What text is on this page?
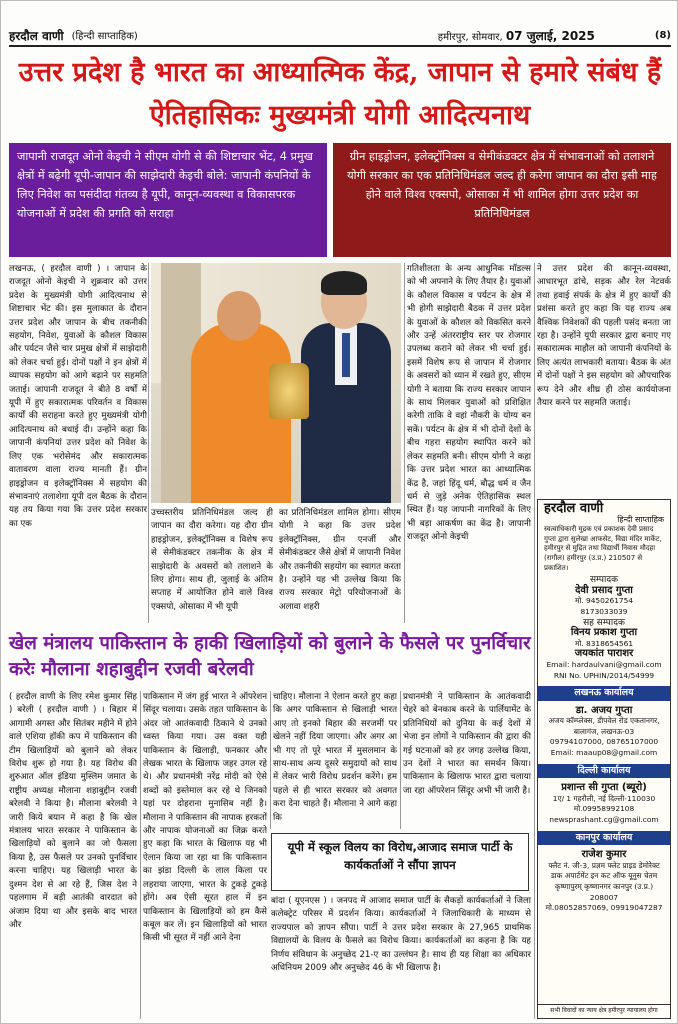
हरदौल वाणी (हिन्दी साप्ताहिक)	हमीरपुर, सोमवार, 07 जुलाई, 2025	(8)
उत्तर प्रदेश है भारत का आध्यात्मिक केंद्र, जापान से हमारे संबंध हैं ऐतिहासिकः मुख्यमंत्री योगी आदित्यनाथ
जापानी राजदूत ओनो केइची ने सीएम योगी से की शिष्टाचार भेंट, 4 प्रमुख क्षेत्रों में बढ़ेगी यूपी-जापान की साझेदारी केइची बोले: जापानी कंपनियों के लिए निवेश का पसंदीदा गंतव्य है यूपी, कानून-व्यवस्था व विकासपरक योजनाओं में प्रदेश की प्रगति को सराहा
ग्रीन हाइड्रोजन, इलेक्ट्रॉनिक्स व सेमीकंडक्टर क्षेत्र में संभावनाओं को तलाशने योगी सरकार का एक प्रतिनिधिमंडल जल्द ही करेगा जापान का दौरा इसी माह होने वाले विश्व एक्सपो, ओसाका में भी शामिल होगा उत्तर प्रदेश का प्रतिनिधिमंडल
लखनऊ, ( हरदौल वाणी ) । जापान के राजदूत ओनो केइची ने शुक्रवार को उत्तर प्रदेश के मुख्यमंत्री योगी आदित्यनाथ से शिष्टाचार भेंट की। इस मुलाकात के दौरान उत्तर प्रदेश और जापान के बीच तकनीकी सहयोग, निवेश, युवाओं के कौशल विकास और पर्यटन जैसे चार प्रमुख क्षेत्रों में साझेदारी को लेकर चर्चा हुई। दोनों पक्षों ने इन क्षेत्रों में व्यापक सहयोग को आगे बढ़ाने पर सहमति जताई। जापानी राजदूत ने बीते 8 वर्षों में यूपी में हुए सकारात्मक परिवर्तन व विकास कार्यों की सराहना करते हुए मुख्यमंत्री योगी आदित्यनाथ को बधाई दी। उन्होंने कहा कि जापानी कंपनियां उत्तर प्रदेश को निवेश के लिए एक भरोसेमंद और सकारात्मक वातावरण वाला राज्य मानती हैं। ग्रीन हाइड्रोजन व इलेक्ट्रॉनिक्स में सहयोग की संभावनाएं तलाशेगा यूपी दल बैठक के दौरान यह तय किया गया कि उत्तर प्रदेश सरकार का एक
उच्चस्तरीय प्रतिनिधिमंडल जल्द ही जापान का दौरा करेगा। यह दौरा ग्रीन हाइड्रोजन, इलेक्ट्रॉनिक्स व विशेष रूप से सेमीकंडक्टर तकनीक के क्षेत्र में साझेदारी के अवसरों को तलाशने के लिए होगा। साथ ही, जुलाई के अंतिम सप्ताह में आयोजित होने वाले विश्व एक्सपो, ओसाका में भी यूपी
का प्रतिनिधिमंडल शामिल होगा। सीएम योगी ने कहा कि उत्तर प्रदेश इलेक्ट्रॉनिक्स, ग्रीन एनर्जी और सेमीकंडक्टर जैसे क्षेत्रों में जापानी निवेश और तकनीकी सहयोग का स्वागत करता है। उन्होंने यह भी उल्लेख किया कि राज्य सरकार मेट्रो परियोजनाओं के अलावा शहरी
गतिशीलता के अन्य आधुनिक मॉडल्स को भी अपनाने के लिए तैयार है। युवाओं के कौशल विकास व पर्यटन के क्षेत्र में भी होगी साझेदारी बैठक में उत्तर प्रदेश के युवाओं के कौशल को विकसित करने और उन्हें अंतरराष्ट्रीय स्तर पर रोजगार उपलब्ध कराने को लेकर भी चर्चा हुई। इसमें विशेष रूप से जापान में रोजगार के अवसरों को ध्यान में रखते हुए, सीएम योगी ने बताया कि राज्य सरकार जापान के साथ मिलकर युवाओं को प्रशिक्षित करेगी ताकि वे वहां नौकरी के योग्य बन सकें। पर्यटन के क्षेत्र में भी दोनों देशों के बीच गहरा सहयोग स्थापित करने को लेकर सहमति बनी। सीएम योगी ने कहा कि उत्तर प्रदेश भारत का आध्यात्मिक केंद्र है, जहां हिंदू धर्म, बौद्ध धर्म व जैन धर्म से जुड़े अनेक ऐतिहासिक स्थल स्थित हैं। यह जापानी नागरिकों के लिए भी बड़ा आकर्षण का केंद्र है। जापानी राजदूत ओनो केइची
ने उत्तर प्रदेश की कानून-व्यवस्था, आधारभूत ढांचे, सड़क और रेल नेटवर्क तथा हवाई संपर्क के क्षेत्र में हुए कार्यों की प्रशंसा करते हुए कहा कि यह राज्य अब वैश्विक निवेशकों की पहली पसंद बनता जा रहा है। उन्होंने यूपी सरकार द्वारा बनाए गए सकारात्मक माहौल को जापानी कंपनियों के लिए अत्यंत लाभकारी बताया। बैठक के अंत में दोनों पक्षों ने इस सहयोग को औपचारिक रूप देने और शीघ्र ही ठोस कार्ययोजना तैयार करने पर सहमति जताई।
खेल मंत्रालय पाकिस्तान के हाकी खिलाड़ियों को बुलाने के फैसले पर पुनर्विचार करेः मौलाना शहाबुद्दीन रजवी बरेलवी
( हरदौल वाणी के लिए रमेश कुमार सिंह ) बरेली ( हरदौल वाणी ) । बिहार में आगामी अगस्त और सितंबर महीने में होने वाले एशिया हॉकी कप में पाकिस्तान की टीम खिलाड़ियों को बुलाने को लेकर विरोध शुरू हो गया है। यह विरोध की शुरुआत ऑल इंडिया मुस्लिम जमात के राष्ट्रीय अध्यक्ष मौलाना शहाबुद्दीन रजवी बरेलवी ने किया है। मौलाना बरेलवी ने जारी किये बयान में कहा है कि खेल मंत्रालय भारत सरकार ने पाकिस्तान के खिलाड़ियों को बुलाने का जो फैसला किया है, उस फैसले पर उनको पुनर्विचार करना चाहिए। यह खिलाड़ी भारत के दुश्मन देश से आ रहे हैं, जिस देश ने पहलगाम में बड़ी आतंकी वारदात को अंजाम दिया था और इसके बाद भारत और
पाकिस्तान में जंग हुई भारत ने ऑपरेशन सिंदूर चलाया। उसके तहत पाकिस्तान के अंदर जो आतंकवादी ठिकाने थे उनको ध्वस्त किया गया। उस वक्त यही पाकिस्तान के खिलाड़ी, फनकार और लेखक भारत के खिलाफ जहर उगल रहे थे। और प्रधानमंत्री नरेंद्र मोदी को ऐसे शब्दों को इस्तेमाल कर रहे थे जिनको यहां पर दोहराना मुनासिब नहीं है। मौलाना ने पाकिस्तान की नापाक हरकतों और नापाक योजनाओं का जिक्र करते हुए कहा कि भारत के खिलाफ यह भी ऐलान किया जा रहा था कि पाकिस्तान का झंडा दिल्ली के लाल किला पर लहराया जाएगा, भारत के टुकड़े टुकड़े होंगे। अब ऐसी सूरत हाल में इन पाकिस्तान के खिलाड़ियों को हम कैसे कबूल कर लें। इन खिलाड़ियों को भारत किसी भी सूरत में नहीं आने देना
चाहिए। मौलाना ने ऐलान करते हुए कहा कि अगर पाकिस्तान से खिलाड़ी भारत आए तो इनको बिहार की सरजमीं पर खेलने नहीं दिया जाएगा। और अगर आ भी गए तो पूरे भारत में मुसलमान के साथ-साथ अन्य दूसरे समुदायों को साथ में लेकर भारी विरोध प्रदर्शन करेंगे। हम पहले से ही भारत सरकार को अवगत करा देना चाहते हैं। मौलाना ने आगे कहा कि
प्रधानमंत्री ने पाकिस्तान के आतंकवादी चेहरे को बेनकाब करने के पार्लियामेंट के प्रतिनिधियों को दुनिया के कई देशों में भेजा इन लोगों ने पाकिस्तान की द्वारा की गई घटनाओं को हर जगह उल्लेख किया, उन देशों ने भारत का समर्थन किया। पाकिस्तान के खिलाफ भारत द्वारा चलाया जा रहा ऑपरेशन सिंदूर अभी भी जारी है।
यूपी में स्कूल विलय का विरोध,आजाद समाज पार्टी के कार्यकर्ताओं ने सौंपा ज्ञापन
बांदा ( यूएनएस ) । जनपद में आजाद समाज पार्टी के सैकड़ों कार्यकर्ताओं ने जिला कलेक्ट्रेट परिसर में प्रदर्शन किया। कार्यकर्ताओं ने जिलाधिकारी के माध्यम से राज्यपाल को ज्ञापन सौंपा। पार्टी ने उत्तर प्रदेश सरकार के 27,965 प्राथमिक विद्यालयों के विलय के फैसले का विरोध किया। कार्यकर्ताओं का कहना है कि यह निर्णय संविधान के अनुच्छेद 21-ए का उल्लंघन है। साथ ही यह शिक्षा का अधिकार अधिनियम 2009 और अनुच्छेद 46 के भी खिलाफ है।
हरदौल वाणी
हिन्दी साप्ताहिक
स्वत्वाधिकारी मुद्रक एवं प्रकाशक देवी प्रसाद गुप्ता द्वारा सुलेखा आफसेट, विद्या मंदिर मार्केट, हमीरपुर से मुद्रित तथा विद्यार्थी निवास मौदहा (रागौल) हमीरपुर (उ.प्र.) 210507 से प्रकाशित।
सम्पादक
देवी प्रसाद गुप्ता
मो. 9450261754
8173033039
सह सम्पादक
विनय प्रकाश गुप्ता
मो. 8318654561
जयकांत पाराशर
Email: hardaulvani@gmail.com
RNI No. UPHIN/2014/54999
लखनऊ कार्यालय
डा. अजय गुप्ता
अजय कॉम्प्लेक्स, डीपवेल रोड एकतानगर, बालागंज, लखनऊ-03
09794107000, 08765107000
Email: maaup08@gmail.com
दिल्ली कार्यालय
प्रशान्त सी गुप्ता (ब्यूरो)
1ए/ 1 गहरौली, नई दिल्ली-110030
मो.09958992108
newsprashant.cg@gmail.com
कानपुर कार्यालय
राजेश कुमार
फ्लैट नं. जी-3, प्रज्ञम फ्लेट प्राइड डेमोरेक्ट डाक अपार्टमेंट इन कट ऑफ यूनुस चेतम कृष्णापुरम् कृष्णानगर कानपुर (उ.प्र.) 208007
मो.08052857069, 09919047287
सभी विवादों का न्याय क्षेत्र हमीरपुर न्यायालय होगा
